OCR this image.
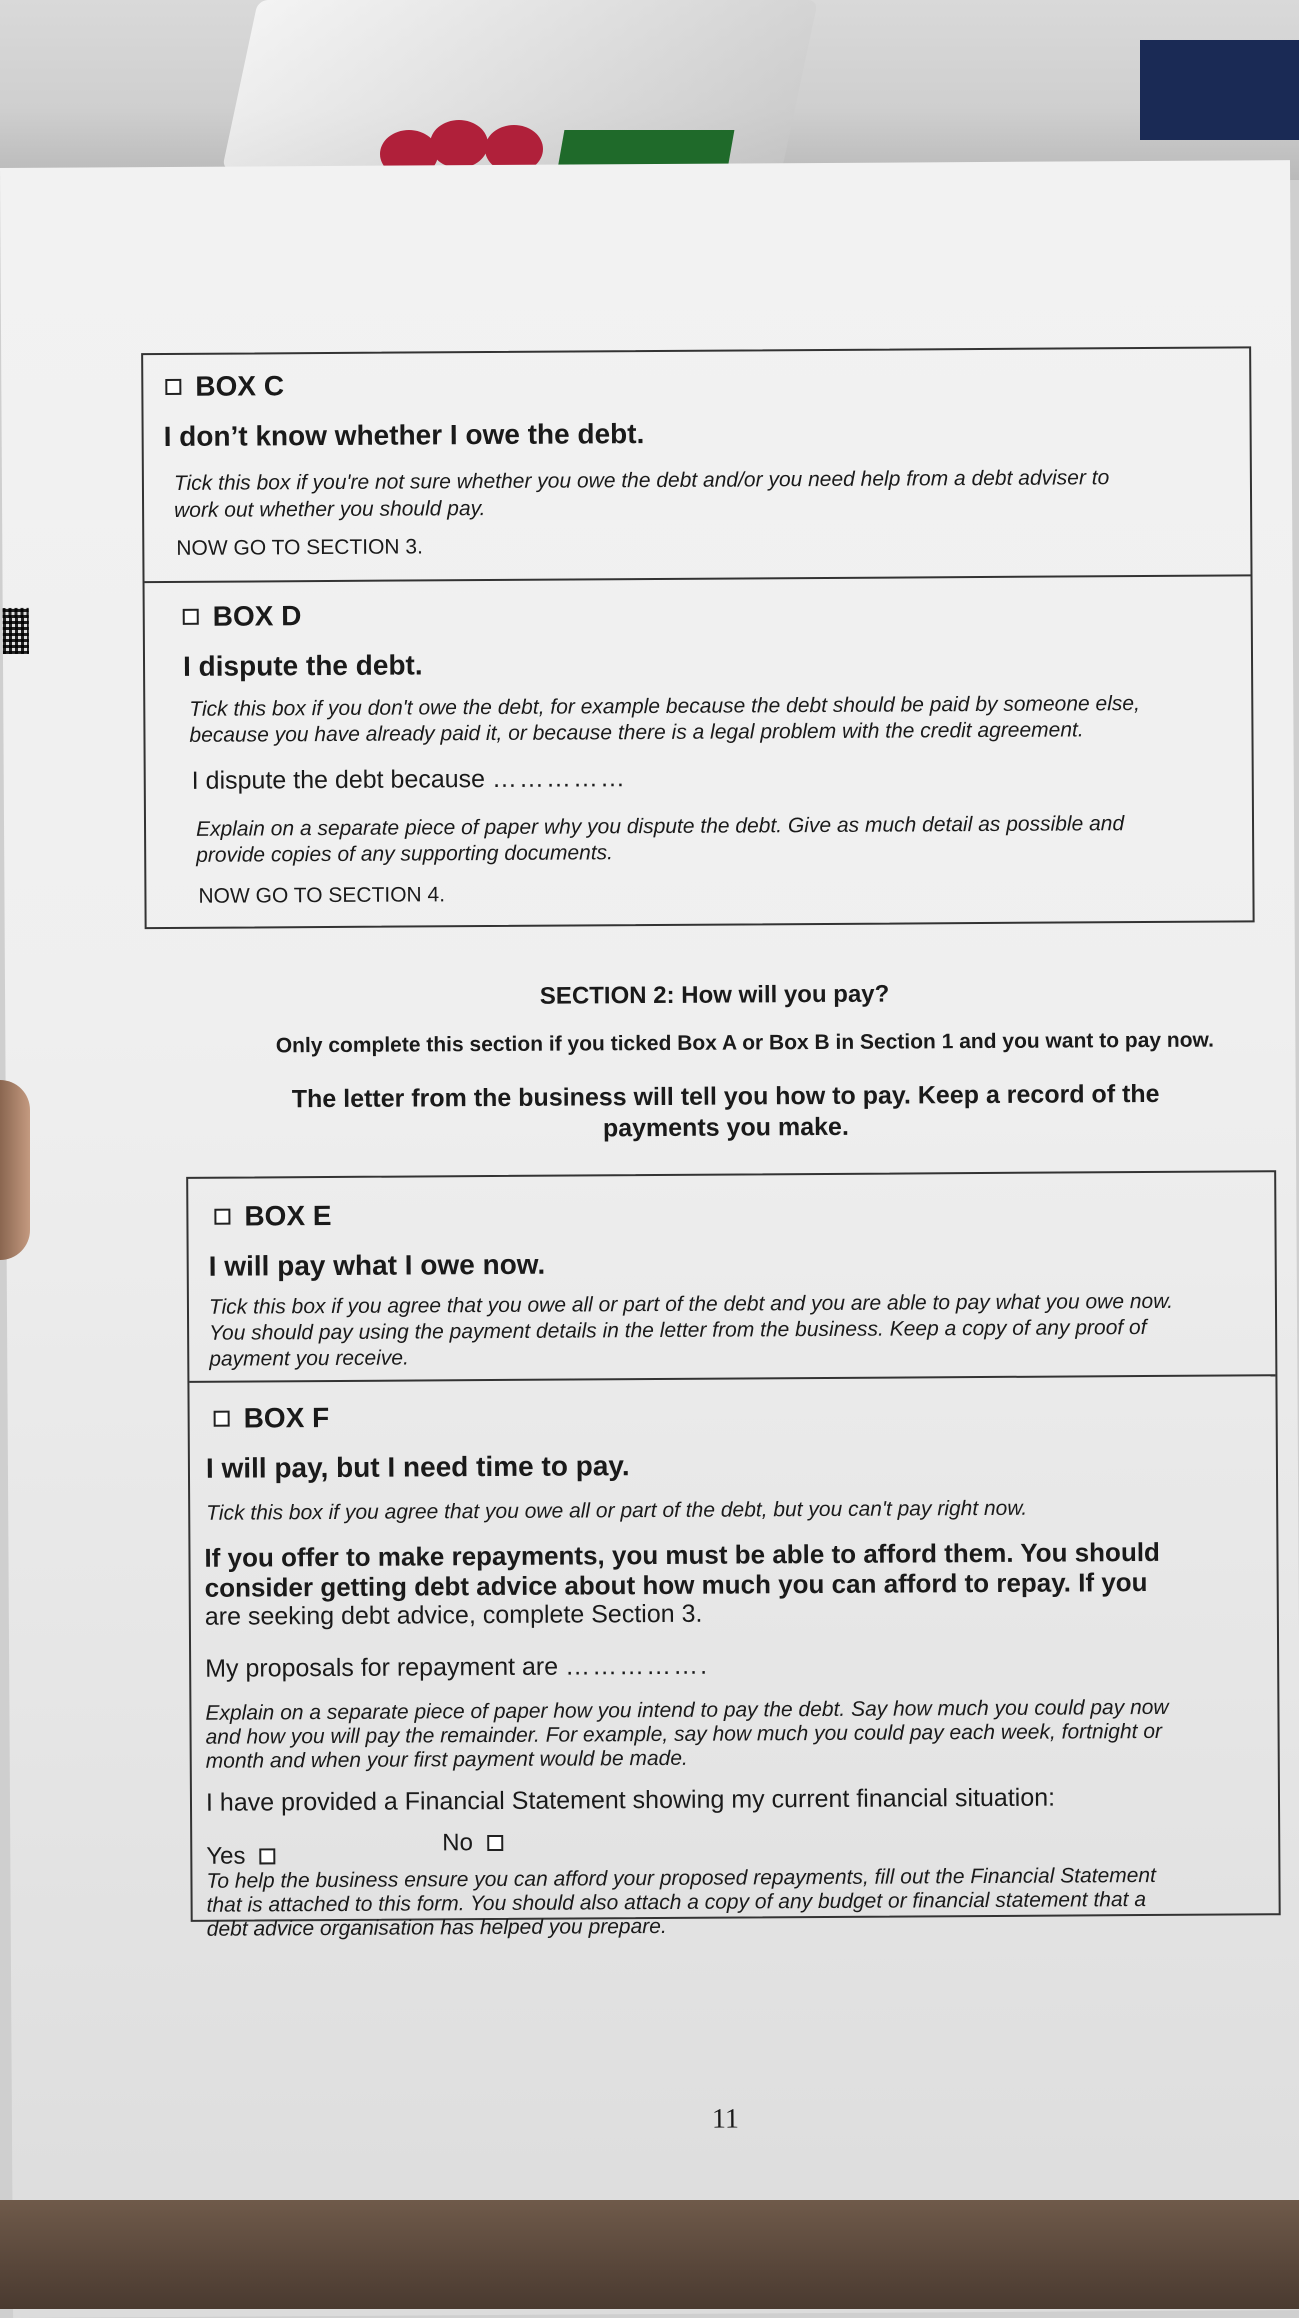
BOX C
I don’t know whether I owe the debt.
Tick this box if you're not sure whether you owe the debt and/or you need help from a debt adviser to
work out whether you should pay.
NOW GO TO SECTION 3.
BOX D
I dispute the debt.
Tick this box if you don't owe the debt, for example because the debt should be paid by someone else,
because you have already paid it, or because there is a legal problem with the credit agreement.
I dispute the debt because ……………
Explain on a separate piece of paper why you dispute the debt. Give as much detail as possible and
provide copies of any supporting documents.
NOW GO TO SECTION 4.
SECTION 2: How will you pay?
Only complete this section if you ticked Box A or Box B in Section 1 and you want to pay now.
The letter from the business will tell you how to pay. Keep a record of the
payments you make.
BOX E
I will pay what I owe now.
Tick this box if you agree that you owe all or part of the debt and you are able to pay what you owe now.
You should pay using the payment details in the letter from the business. Keep a copy of any proof of
payment you receive.
BOX F
I will pay, but I need time to pay.
Tick this box if you agree that you owe all or part of the debt, but you can't pay right now.
If you offer to make repayments, you must be able to afford them. You should
consider getting debt advice about how much you can afford to repay. If you
are seeking debt advice, complete Section 3.
My proposals for repayment are …………….
Explain on a separate piece of paper how you intend to pay the debt. Say how much you could pay now
and how you will pay the remainder. For example, say how much you could pay each week, fortnight or
month and when your first payment would be made.
I have provided a Financial Statement showing my current financial situation:
Yes	No
To help the business ensure you can afford your proposed repayments, fill out the Financial Statement
that is attached to this form. You should also attach a copy of any budget or financial statement that a
debt advice organisation has helped you prepare.
11
